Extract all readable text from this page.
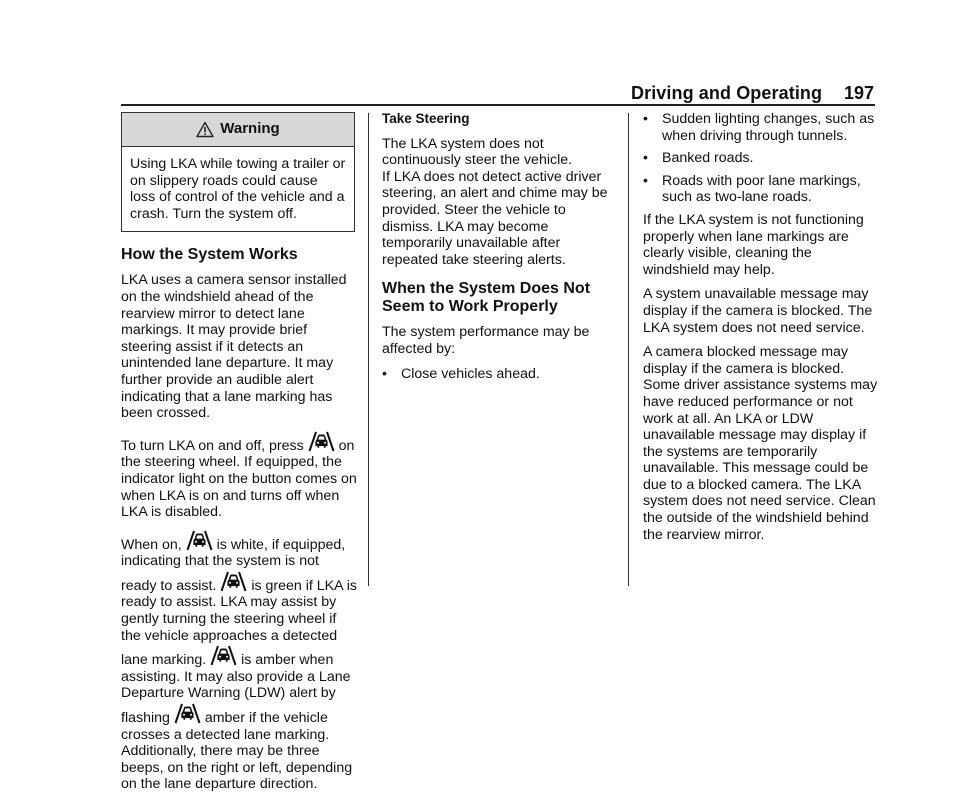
Driving and Operating 197
Warning
Using LKA while towing a trailer or on slippery roads could cause loss of control of the vehicle and a crash. Turn the system off.
How the System Works

LKA uses a camera sensor installed on the windshield ahead of the rearview mirror to detect lane markings. It may provide brief steering assist if it detects an unintended lane departure. It may further provide an audible alert indicating that a lane marking has been crossed.

To turn LKA on and off, press on the steering wheel. If equipped, the indicator light on the button comes on when LKA is on and turns off when LKA is disabled.

When on, is white, if equipped, indicating that the system is not ready to assist. is green if LKA is ready to assist. LKA may assist by gently turning the steering wheel if the vehicle approaches a detected lane marking. is amber when assisting. It may also provide a Lane Departure Warning (LDW) alert by flashing amber if the vehicle crosses a detected lane marking. Additionally, there may be three beeps, on the right or left, depending on the lane departure direction.

Take Steering

The LKA system does not continuously steer the vehicle.
If LKA does not detect active driver steering, an alert and chime may be provided. Steer the vehicle to dismiss. LKA may become temporarily unavailable after repeated take steering alerts.

When the System Does Not Seem to Work Properly

The system performance may be affected by:

• Close vehicles ahead.
• Sudden lighting changes, such as when driving through tunnels.
• Banked roads.
• Roads with poor lane markings, such as two-lane roads.

If the LKA system is not functioning properly when lane markings are clearly visible, cleaning the windshield may help.

A system unavailable message may display if the camera is blocked. The LKA system does not need service.

A camera blocked message may display if the camera is blocked. Some driver assistance systems may have reduced performance or not work at all. An LKA or LDW unavailable message may display if the systems are temporarily unavailable. This message could be due to a blocked camera. The LKA system does not need service. Clean the outside of the windshield behind the rearview mirror.
